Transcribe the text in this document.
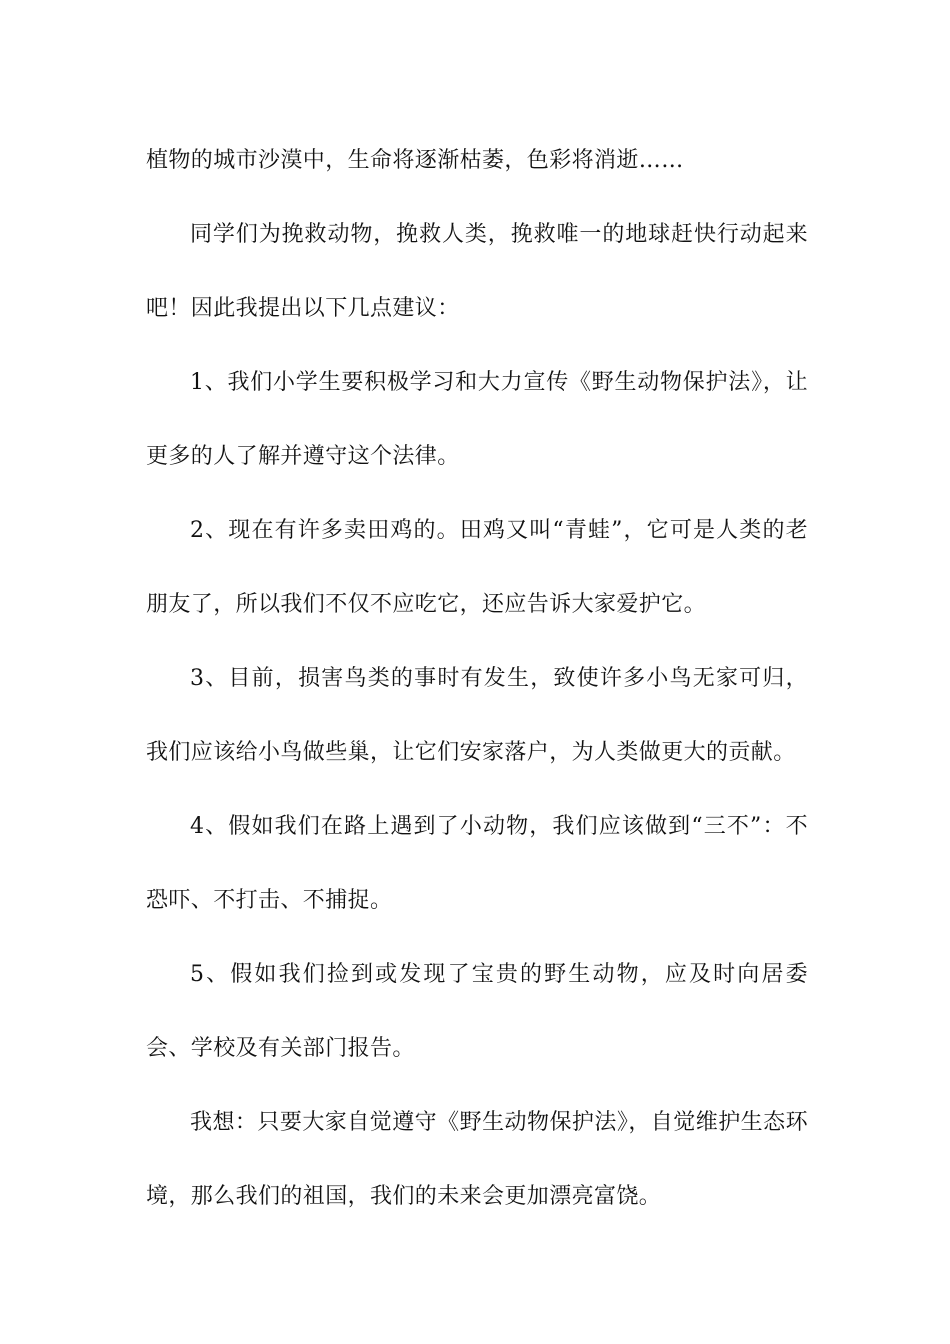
植物的城市沙漠中，生命将逐渐枯萎，色彩将消逝……

同学们为挽救动物，挽救人类，挽救唯一的地球赶快行动起来吧！因此我提出以下几点建议：

1、我们小学生要积极学习和大力宣传《野生动物保护法》，让更多的人了解并遵守这个法律。

2、现在有许多卖田鸡的。田鸡又叫“青蛙”，它可是人类的老朋友了，所以我们不仅不应吃它，还应告诉大家爱护它。

3、目前，损害鸟类的事时有发生，致使许多小鸟无家可归，我们应该给小鸟做些巢，让它们安家落户，为人类做更大的贡献。

4、假如我们在路上遇到了小动物，我们应该做到“三不”：不恐吓、不打击、不捕捉。

5、假如我们捡到或发现了宝贵的野生动物，应及时向居委会、学校及有关部门报告。

我想：只要大家自觉遵守《野生动物保护法》，自觉维护生态环境，那么我们的祖国，我们的未来会更加漂亮富饶。
